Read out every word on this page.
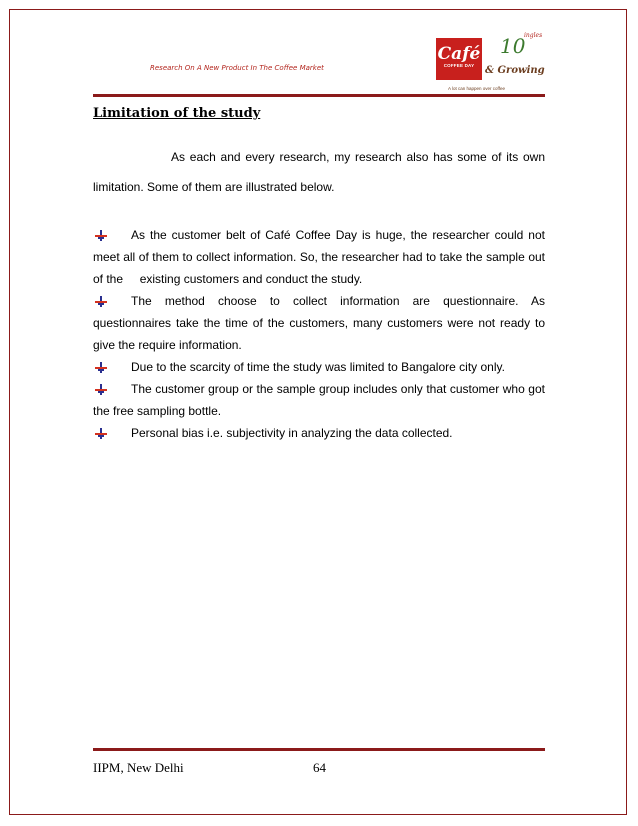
Research On A New Product In The Coffee Market
Café
COFFEE DAY
10
ingles
& Growing
A lot can happen over coffee
Limitation of the study

As each and every research, my research also has some of its own limitation. Some of them are illustrated below.

As the customer belt of Café Coffee Day is huge, the researcher could not meet all of them to collect information. So, the researcher had to take the sample out of the     existing customers and conduct the study.

The method choose to collect information are questionnaire. As questionnaires take the time of the customers, many customers were not ready to give the require information.

Due to the scarcity of time the study was limited to Bangalore city only.

The customer group or the sample group includes only that customer who got the free sampling bottle.

Personal bias i.e. subjectivity in analyzing the data collected.

IIPM, New Delhi	64
